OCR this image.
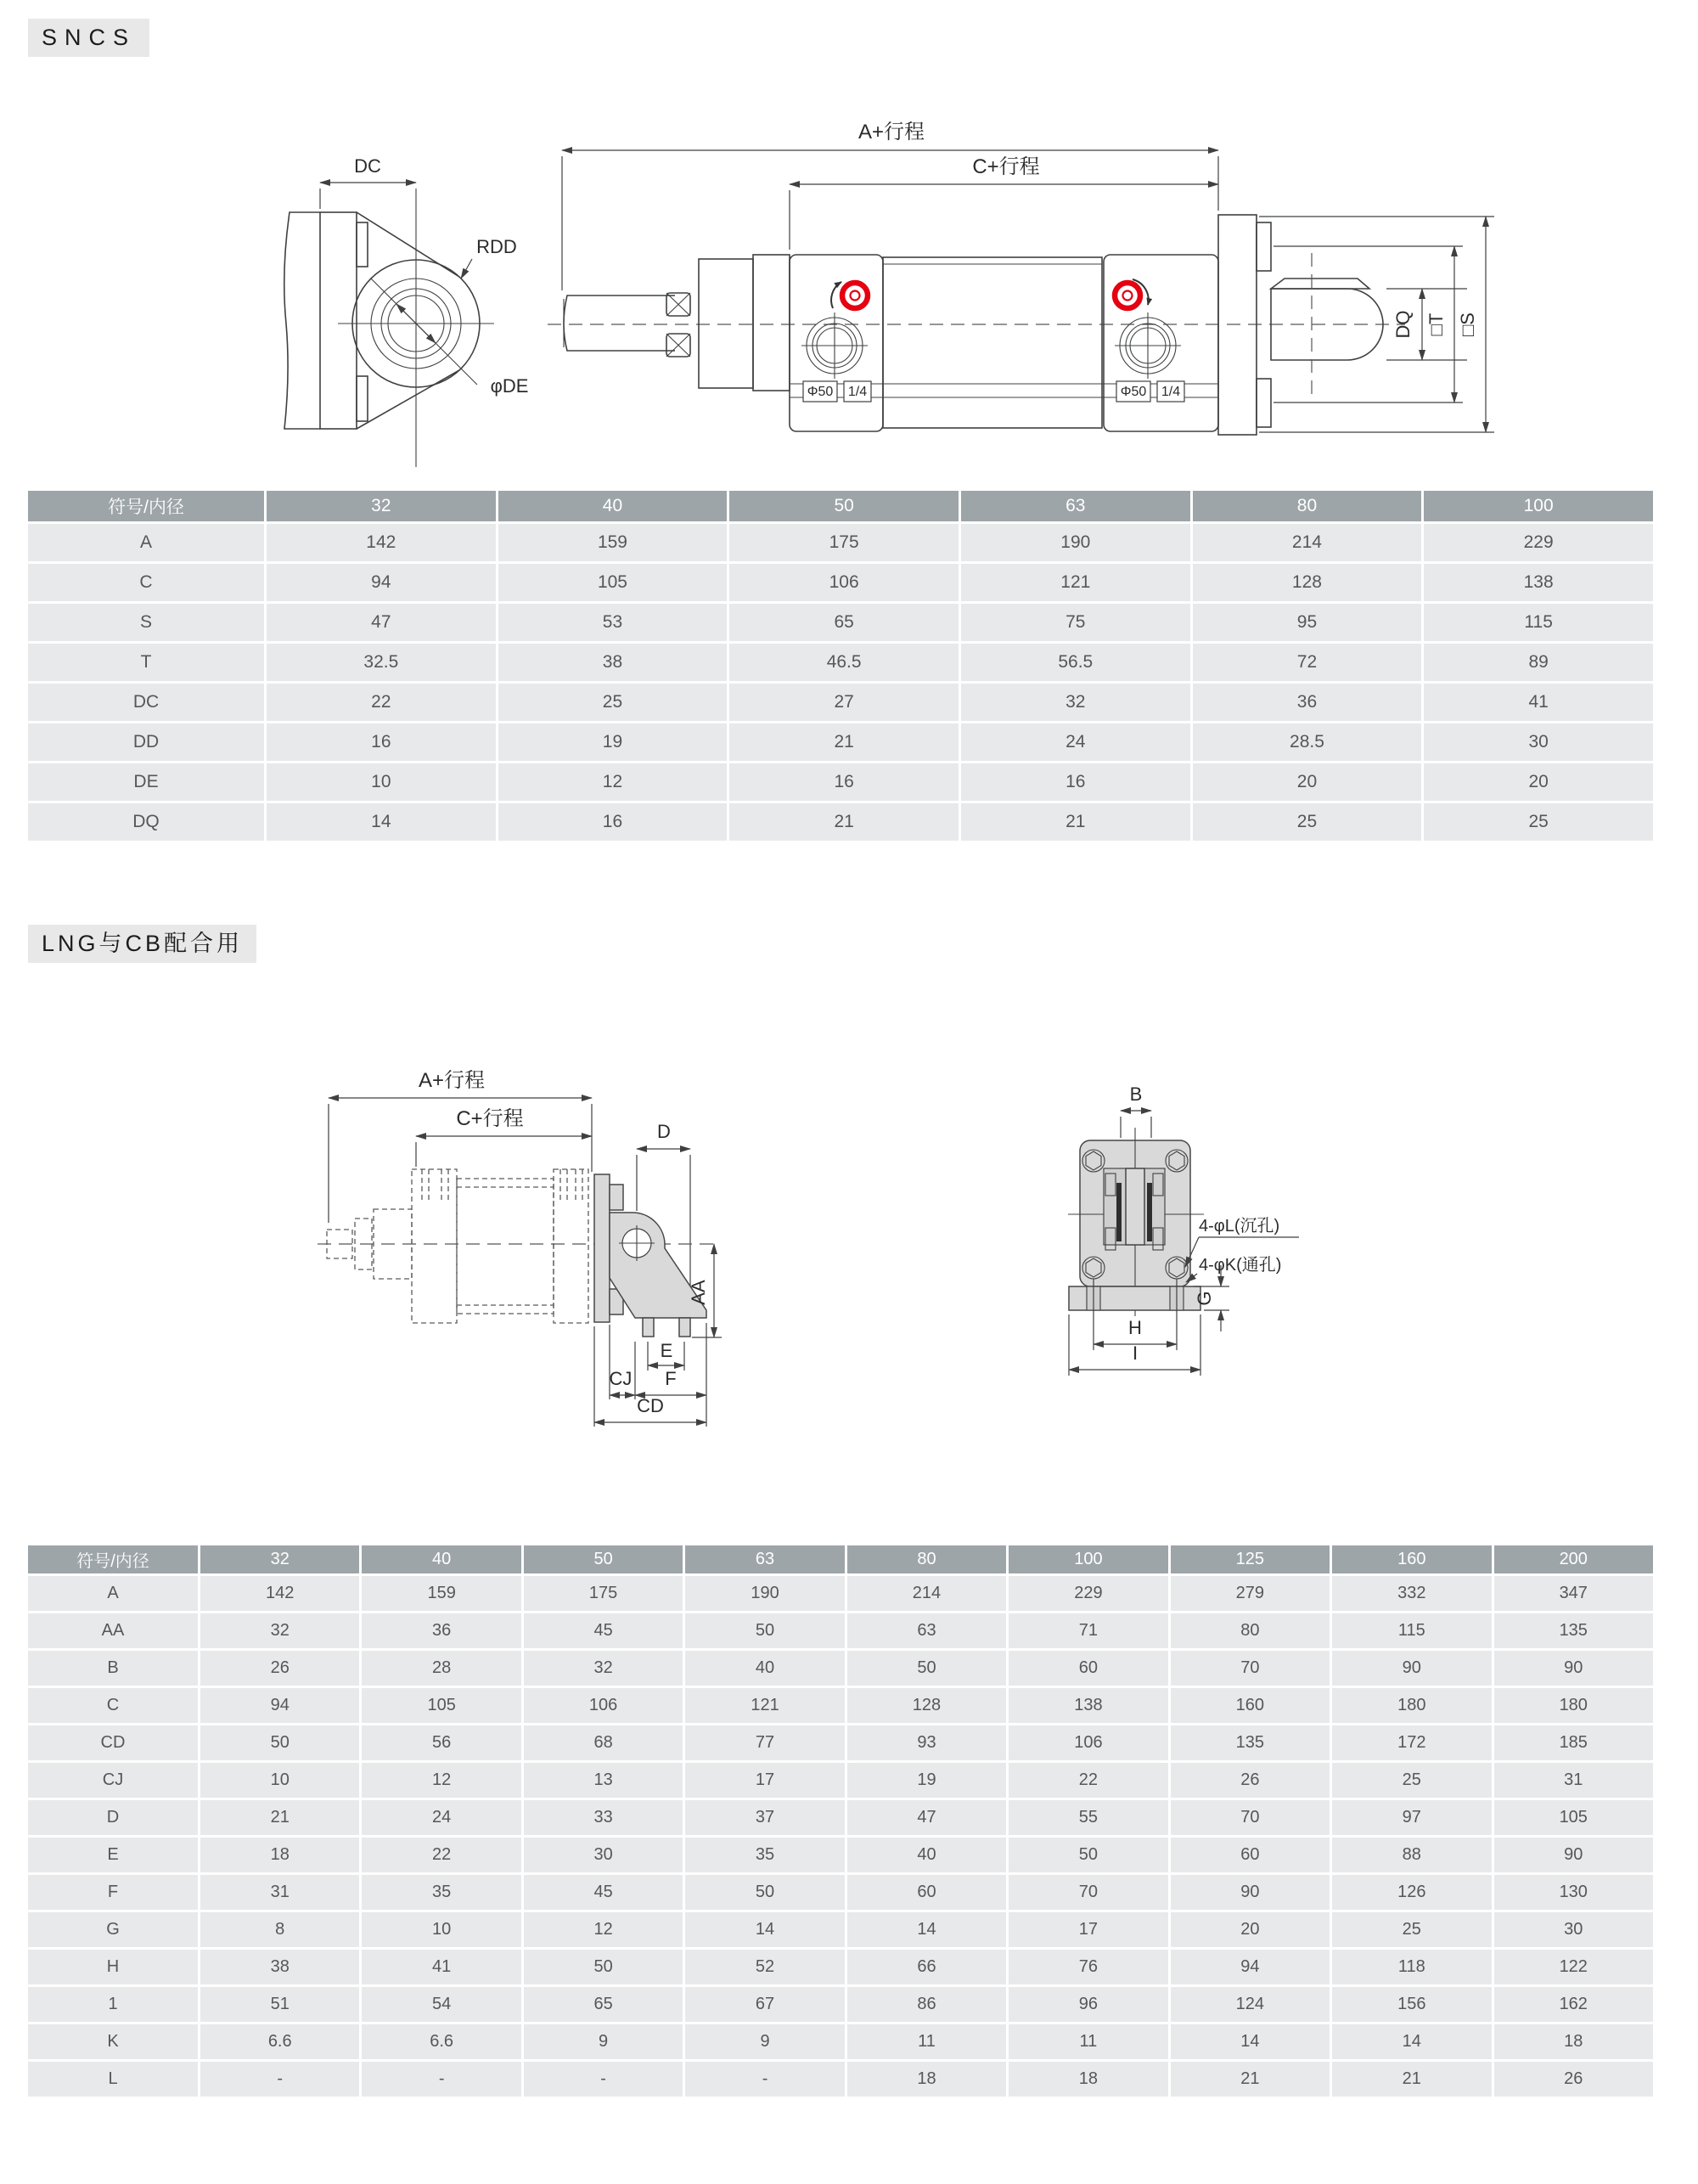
SNCS
LNG与CB配合用
DC
RDD
φDE
A+行程
C+行程
Φ50 1/4	Φ50 1/4
DQ □T □S
A+行程
C+行程
D
AA
E
CJ F
CD
B
4-φL(沉孔)
4-φK(通孔)
G
H
I
符号/内径	32	40	50	63	80	100
A	142	159	175	190	214	229
C	94	105	106	121	128	138
S	47	53	65	75	95	115
T	32.5	38	46.5	56.5	72	89
DC	22	25	27	32	36	41
DD	16	19	21	24	28.5	30
DE	10	12	16	16	20	20
DQ	14	16	21	21	25	25
符号/内径	32	40	50	63	80	100	125	160	200
A	142	159	175	190	214	229	279	332	347
AA	32	36	45	50	63	71	80	115	135
B	26	28	32	40	50	60	70	90	90
C	94	105	106	121	128	138	160	180	180
CD	50	56	68	77	93	106	135	172	185
CJ	10	12	13	17	19	22	26	25	31
D	21	24	33	37	47	55	70	97	105
E	18	22	30	35	40	50	60	88	90
F	31	35	45	50	60	70	90	126	130
G	8	10	12	14	14	17	20	25	30
H	38	41	50	52	66	76	94	118	122
1	51	54	65	67	86	96	124	156	162
K	6.6	6.6	9	9	11	11	14	14	18
L	-	-	-	-	18	18	21	21	26
